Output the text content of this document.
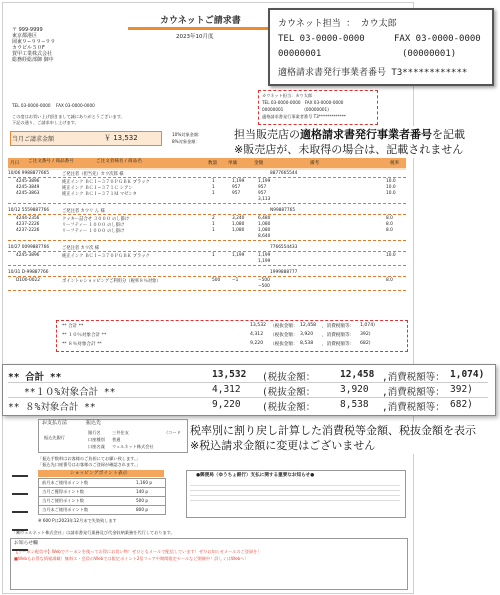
カウネットご請求書
2023年10月度
〒 999-9999
東京都港区
岡東９−９９−９９
カウビル５０F
賀甲工業株式会社
総務経総部御 御中
TEL 03-0000-0000　 FAX 03-0000-0000
この度はお買い上げ頂きまして誠にありがとうございます。
下記の通り、ご請求申し上げます。
当月ご請求金額	￥ 13,532	10%対象金額：
8%対象金額：
カウネット担当：カウ太郎
TEL 03-0000-0000　FAX 03-0000-0000
00000001　　　　　(00000001)
適格請求書発行事業者番号 T3*************
カウネット担当 ： カウ太郎
TEL 03-0000-0000	FAX 03-0000-0000
00000001	(00000001)
適格請求書発行事業者番号 T3************
担当販売店の適格請求書発行事業者番号を記載
※販売店が、未取得の場合は、記載されません
月日 ご注文番号 / 商品番号	ご注文者様名 / 商品名	数量 単価	金額	備考	税率
10/06 9988877665	ご発注者（担当先）カウ次郎 様	8877665544
4245-3896	純正インク ＢＣＩ−３７０ＰＧＢＫ ブラック	1	1,199	1,199	10.0
4245-3849	純正インク ＢＣＩ−３７１Ｃ シアン	1	957	957	10.0
4245-3863	純正インク ＢＣＩ−３７１Ｍ マゼンタ	1	957	957	10.0
3,113
10/12 5559887766	ご発注者 カウリ ん 様	N99887765
4244-2356	クッキー詰合せ ３０００ のし掛け	2	3,240	6,480	8.0
4237-2226	リーフティー １０００ のし掛け	1	1,080	1,080	8.0
4237-2226	リーフティー １０００ のし掛け	1	1,080	1,080	8.0
8,640
10/27 0099887766	ご発注者 カウ次 様	7766554433
4245-3896	純正インク ＢＣＩ−３７０ＰＧＢＫ ブラック	1	1,199	1,199	10.0
1,199
10/31 D-99887766	1999888777
D100-0022	ポイントｅショッピングご利用分（税率８％対象）	500	−1	−500	8.0
−500
** 合計 **	13,532 （税抜金額： 12,458 ，消費税額等： 1,074)
** １０％対象合計 **	4,312 （税抜金額： 3,920 ，消費税額等： 392)
** ８％対象合計 **	9,220 （税抜金額： 8,538 ，消費税額等： 682)
** 合計 **	13,532 (税抜金額：	12,458 ,消費税額等： 1,074)
**１０%対象合計 **	4,312 (税抜金額：	3,920 ,消費税額等： 392)
** ８%対象合計 **	9,220 (税抜金額：	8,538 ,消費税額等： 682)
税率別に割り戻し計算した消費税等金額、税抜金額を表示
※税込請求金額に変更はございません
お支払方法	振込先
振込先銀行
銀行名	三井住友
口座種別 普通
口座名義 ウェルネット株式会社
（コード
「振込手数料はお客様のご負担にてお願い致します。」
「振込先口座番号はお客様のご登録が確認されます。」
ショッピングポイント表示
前月末ご使用ポイント数	1,160 p
当月ご獲得ポイント数	140 p
当月ご使用ポイント数	500 p
当月末ご使用ポイント数	800 p
※ 600 Pは2023年12月末で失効致します
●郵便局（ゆうちょ銀行）支払に関する重要なお知らせ●
「㈱ウェルネット株式会社」は請求書発行業務及び代金収納業務を代行しております。
お知らせ欄
【クーポン配信中】Webでクーポンを使ってお得にお買い物！ぜひともメールで配信しています！ぜひお知らせメールのご登録を！
■Webもお得な情報満載！無料エ・会員のWebでは限定ポイント2倍フェアや期間限定セールなど開催中！詳しくはWebへ！
